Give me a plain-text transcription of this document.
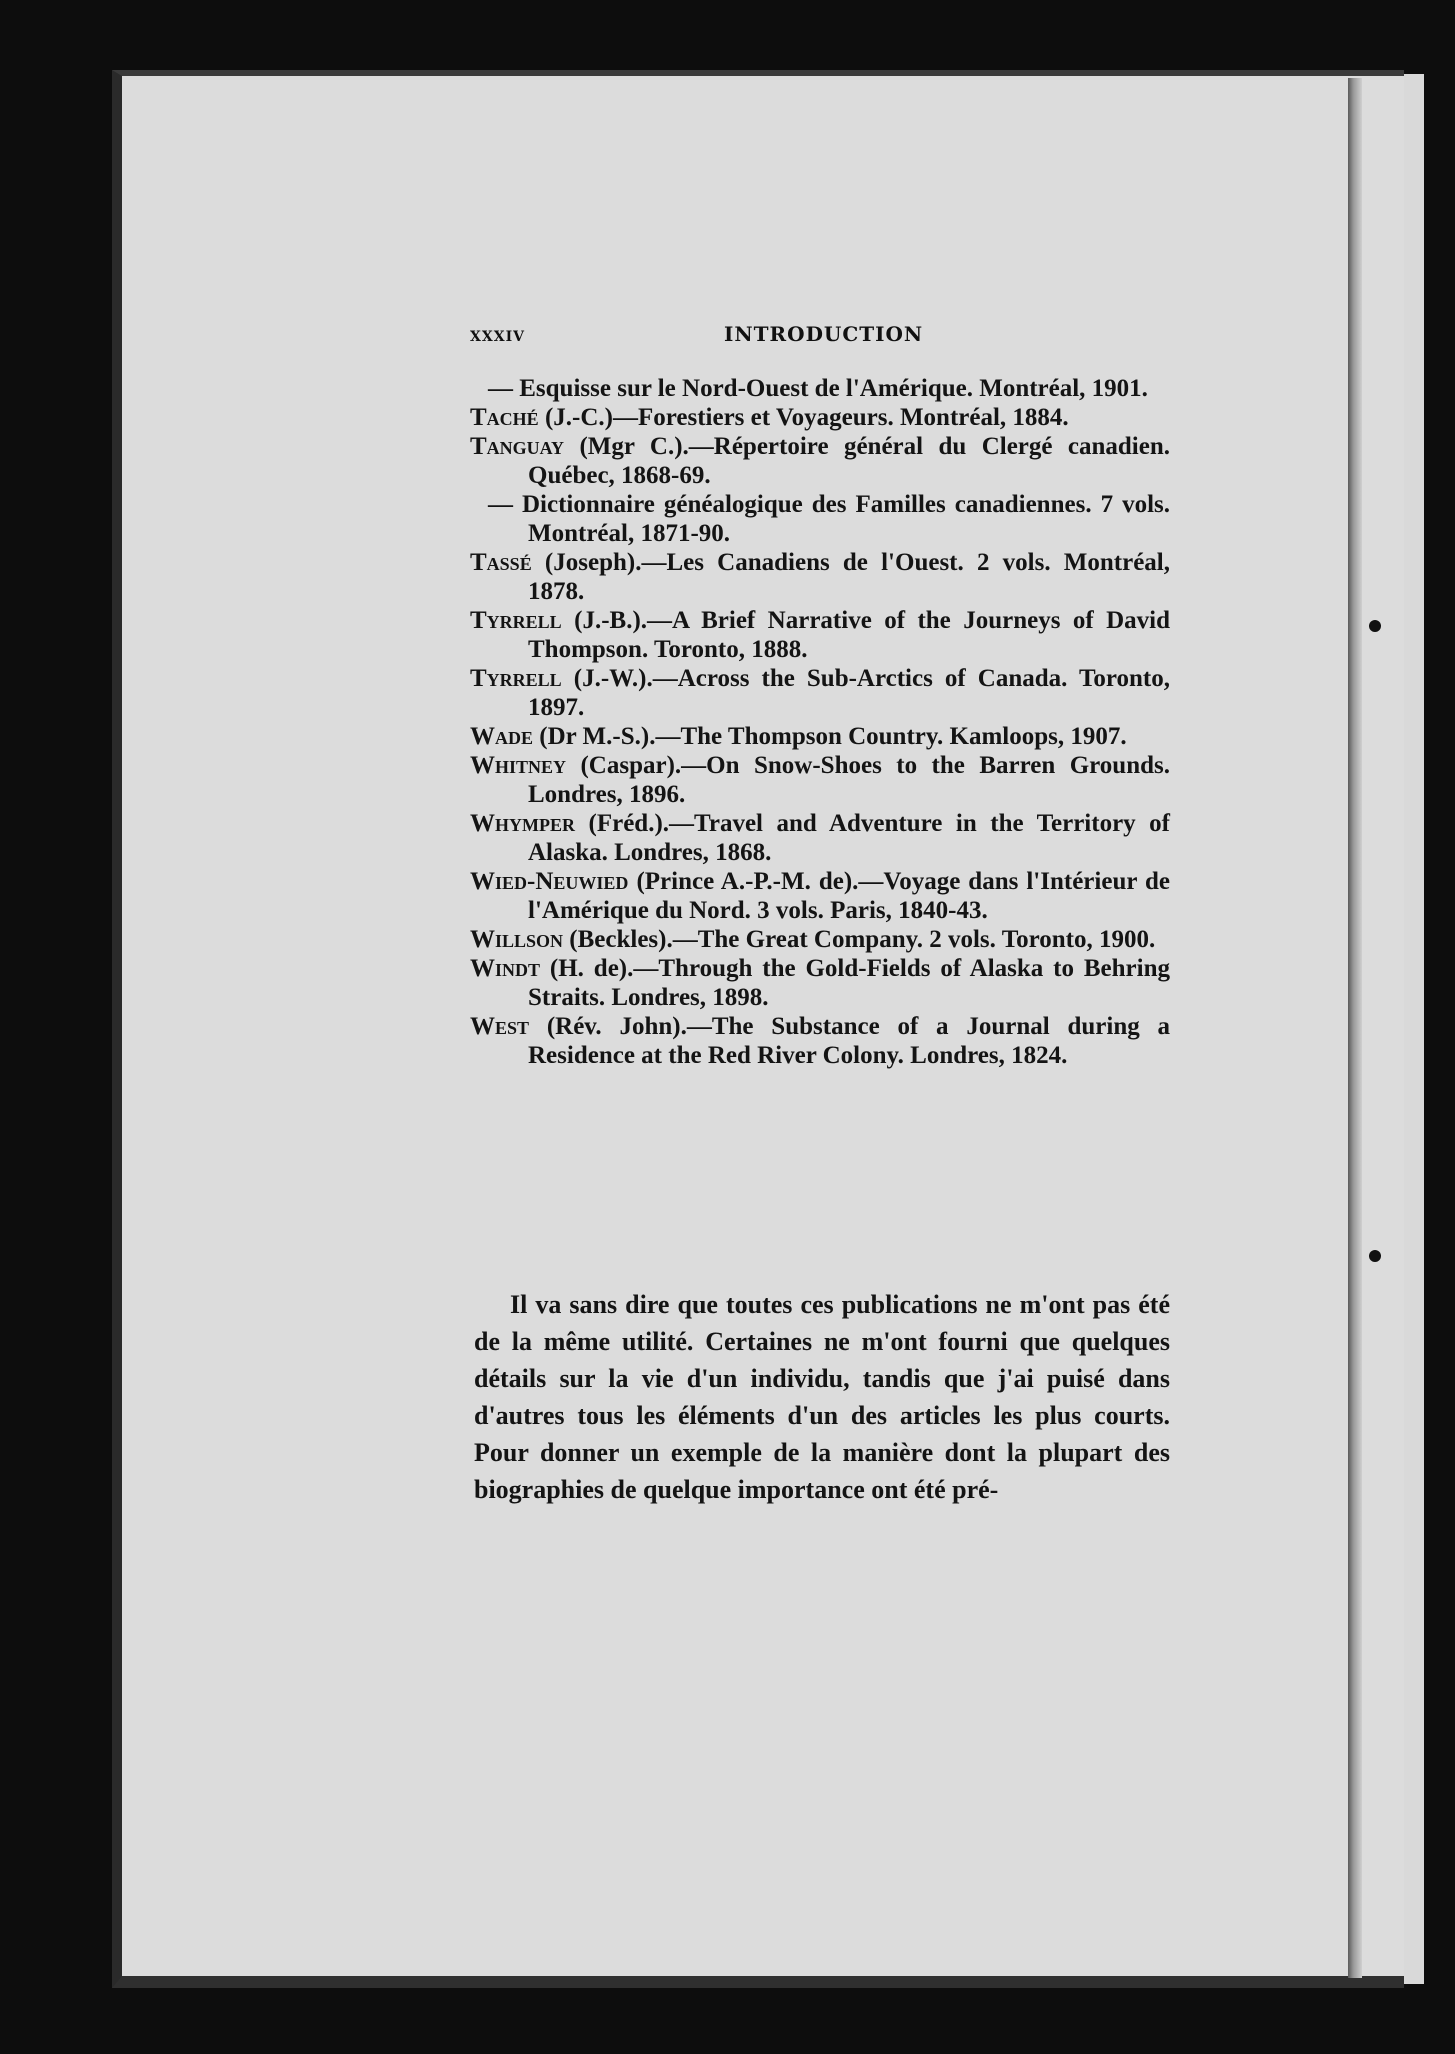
xxxiv	INTRODUCTION

— Esquisse sur le Nord-Ouest de l'Amérique. Montréal, 1901.

Taché (J.-C.)—Forestiers et Voyageurs. Montréal, 1884.

Tanguay (Mgr C.).—Répertoire général du Clergé canadien. Québec, 1868-69.

— Dictionnaire généalogique des Familles canadiennes. 7 vols. Montréal, 1871-90.

Tassé (Joseph).—Les Canadiens de l'Ouest. 2 vols. Montréal, 1878.

Tyrrell (J.-B.).—A Brief Narrative of the Journeys of David Thompson. Toronto, 1888.

Tyrrell (J.-W.).—Across the Sub-Arctics of Canada. Toronto, 1897.

Wade (Dr M.-S.).—The Thompson Country. Kamloops, 1907.

Whitney (Caspar).—On Snow-Shoes to the Barren Grounds. Londres, 1896.

Whymper (Fréd.).—Travel and Adventure in the Territory of Alaska. Londres, 1868.

Wied-Neuwied (Prince A.-P.-M. de).—Voyage dans l'Intérieur de l'Amérique du Nord. 3 vols. Paris, 1840-43.

Willson (Beckles).—The Great Company. 2 vols. Toronto, 1900.

Windt (H. de).—Through the Gold-Fields of Alaska to Behring Straits. Londres, 1898.

West (Rév. John).—The Substance of a Journal during a Residence at the Red River Colony. Londres, 1824.

Il va sans dire que toutes ces publications ne m'ont pas été de la même utilité. Certaines ne m'ont fourni que quelques détails sur la vie d'un individu, tandis que j'ai puisé dans d'autres tous les éléments d'un des articles les plus courts. Pour donner un exemple de la manière dont la plupart des biographies de quelque importance ont été pré-
